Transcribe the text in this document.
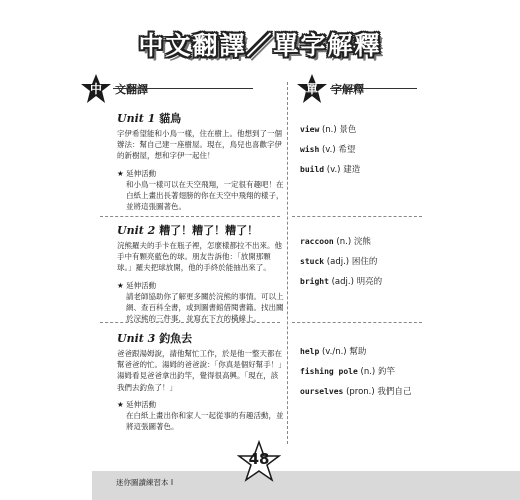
中文翻譯／單字解釋
中	文翻譯	單	字解釋
Unit 1 貓鳥
字伊希望能和小鳥一樣，住在樹上。他想到了一個辦法：幫自己建一座樹屋。現在，鳥兒也喜歡字伊的新樹屋，想和字伊一起住！
★ 延伸活動
和小鳥一樣可以在天空飛翔，一定很有趣吧！在白紙上畫出長著翅膀的你在天空中飛翔的樣子，並將這張圖著色。
Unit 2 糟了！糟了！糟了！
浣熊羅夫的手卡在瓶子裡，怎麼樣都拉不出來。他手中有顆亮藍色的球。朋友告訴他：「放開那顆球。」羅夫把球放開，他的手終於能抽出來了。
★ 延伸活動
請老師協助你了解更多關於浣熊的事情。可以上網、查百科全書，或到圖書館借閱書籍。找出關於浣熊的三件事，並寫在下方的橫線上。
Unit 3 釣魚去
爸爸跟湯姆說，請他幫忙工作，於是他一整天都在幫爸爸的忙。湯姆的爸爸說：「你真是個好幫手！」湯姆看見爸爸拿出釣竿，覺得很高興。「現在，該我們去釣魚了！」
★ 延伸活動
在白紙上畫出你和家人一起從事的有趣活動，並將這張圖著色。
view (n.) 景色
wish (v.) 希望
build (v.) 建造
raccoon (n.) 浣熊
stuck (adj.) 困住的
bright (adj.) 明亮的
help (v./n.) 幫助
fishing pole (n.) 釣竿
ourselves (pron.) 我們自己
迷你圖讀練習本 I
48
